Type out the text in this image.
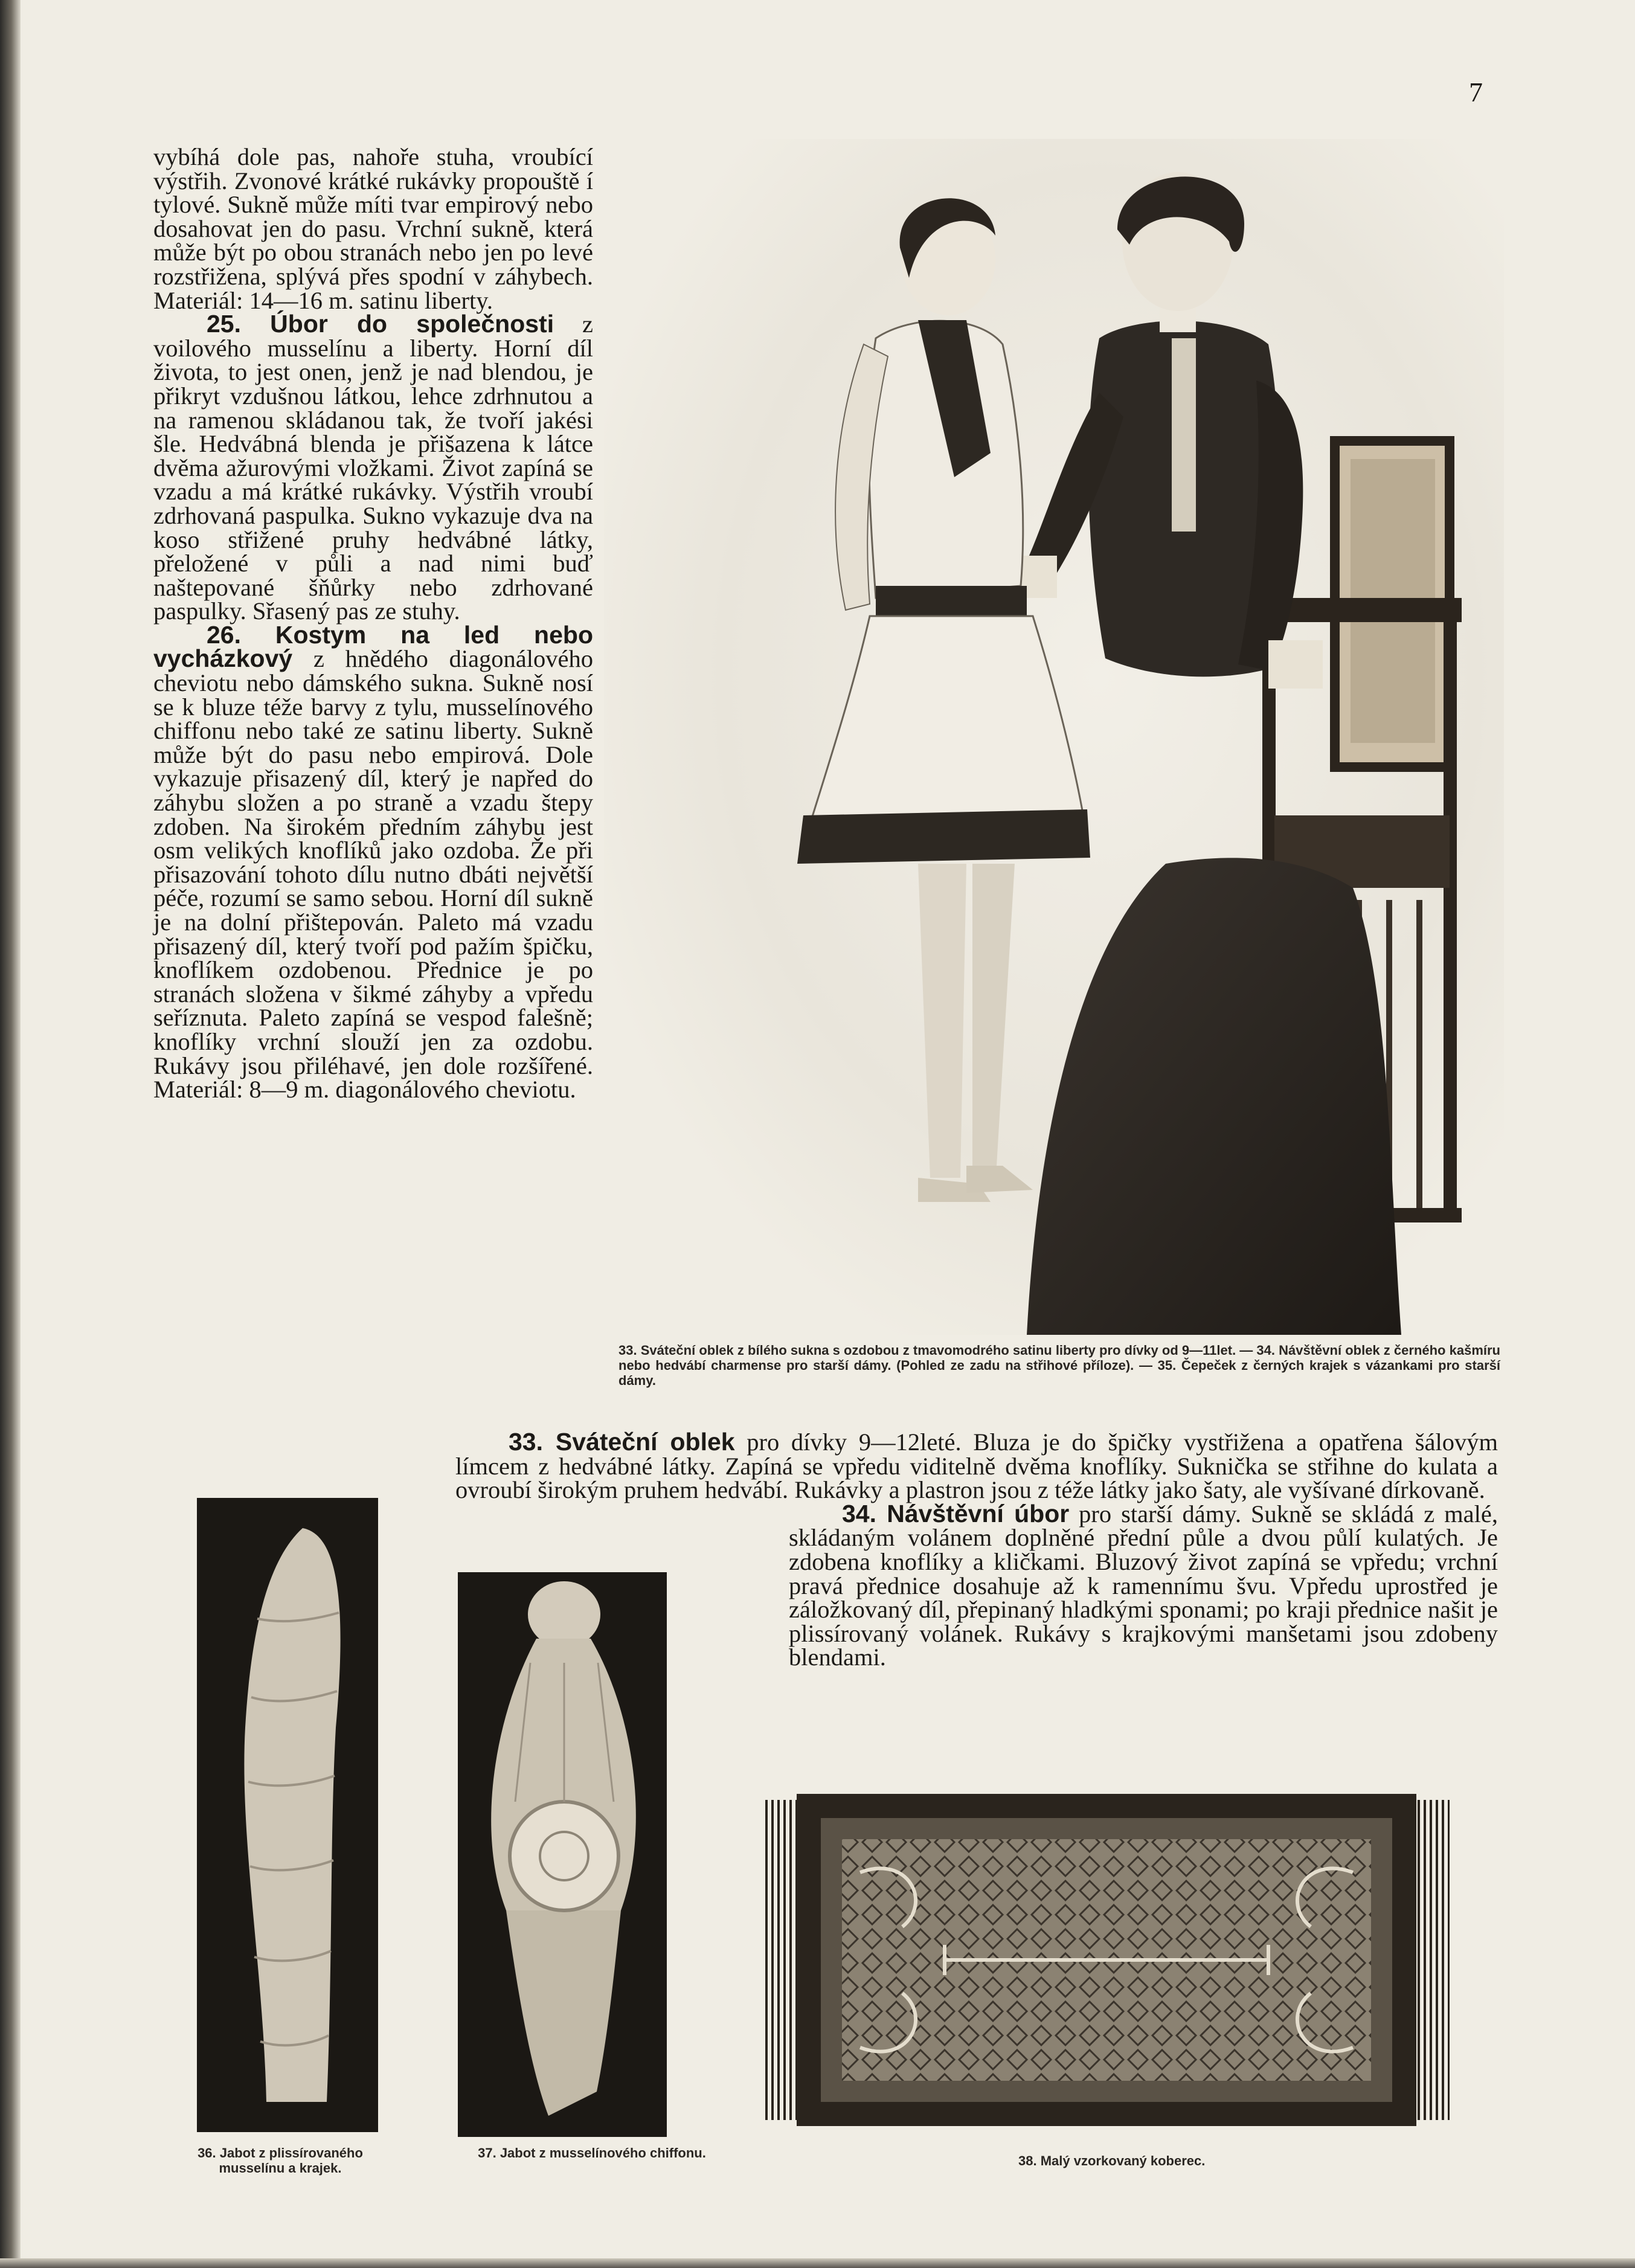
7

vybíhá dole pas, nahoře stuha, vroubící výstřih. Zvonové krátké rukávky propouště í tylové. Sukně může míti tvar empirový nebo dosahovat jen do pasu. Vrchní sukně, která může být po obou stranách nebo jen po levé rozstřižena, splývá přes spodní v záhybech. Materiál: 14—16 m. satinu liberty.

25. Úbor do společnosti z voilového musselínu a liberty. Horní díl života, to jest onen, jenž je nad blendou, je přikryt vzdušnou látkou, lehce zdrhnutou a na ramenou skládanou tak, že tvoří jakési šle. Hedvábná blenda je přišazena k látce dvěma ažurovými vložkami. Život zapíná se vzadu a má krátké rukávky. Výstřih vroubí zdrhovaná paspulka. Sukno vykazuje dva na koso střižené pruhy hedvábné látky, přeložené v půli a nad nimi buď naštepované šňůrky nebo zdrhované paspulky. Sřasený pas ze stuhy.

26. Kostym na led nebo vycházkový z hnědého diagonálového cheviotu nebo dámského sukna. Sukně nosí se k bluze téže barvy z tylu, musselínového chiffonu nebo také ze satinu liberty. Sukně může být do pasu nebo empirová. Dole vykazuje přisazený díl, který je napřed do záhybu složen a po straně a vzadu štepy zdoben. Na širokém předním záhybu jest osm velikých knoflíků jako ozdoba. Že při přisazování tohoto dílu nutno dbáti největší péče, rozumí se samo sebou. Horní díl sukně je na dolní přištepován. Paleto má vzadu přisazený díl, který tvoří pod pažím špičku, knoflíkem ozdobenou. Přednice je po stranách složena v šikmé záhyby a vpředu seříznuta. Paleto zapíná se vespod falešně; knoflíky vrchní slouží jen za ozdobu. Rukávy jsou přiléhavé, jen dole rozšířené. Materiál: 8—9 m. diagonálového cheviotu.

33. Sváteční oblek z bílého sukna s ozdobou z tmavomodrého satinu liberty pro dívky od 9—11let. — 34. Návštěvní oblek z černého kašmíru nebo hedvábí charmense pro starší dámy. (Pohled ze zadu na střihové příloze). — 35. Čepeček z černých krajek s vázankami pro starší dámy.

33. Sváteční oblek pro dívky 9—12leté. Bluza je do špičky vystřižena a opatřena šálovým límcem z hedvábné látky. Zapíná se vpředu viditelně dvěma knoflíky. Suknička se střihne do kulata a ovroubí širokým pruhem hedvábí. Rukávky a plastron jsou z téže látky jako šaty, ale vyšívané dírkovaně.

34. Návštěvní úbor pro starší dámy. Sukně se skládá z malé, skládaným volánem doplněné přední půle a dvou půlí kulatých. Je zdobena knoflíky a kličkami. Bluzový život zapíná se vpředu; vrchní pravá přednice dosahuje až k ramennímu švu. Vpředu uprostřed je záložkovaný díl, přepinaný hladkými sponami; po kraji přednice našit je plissírovaný volánek. Rukávy s krajkovými manšetami jsou zdobeny blendami.

36. Jabot z plissírovaného musselínu a krajek.
37. Jabot z musselínového chiffonu.
38. Malý vzorkovaný koberec.
